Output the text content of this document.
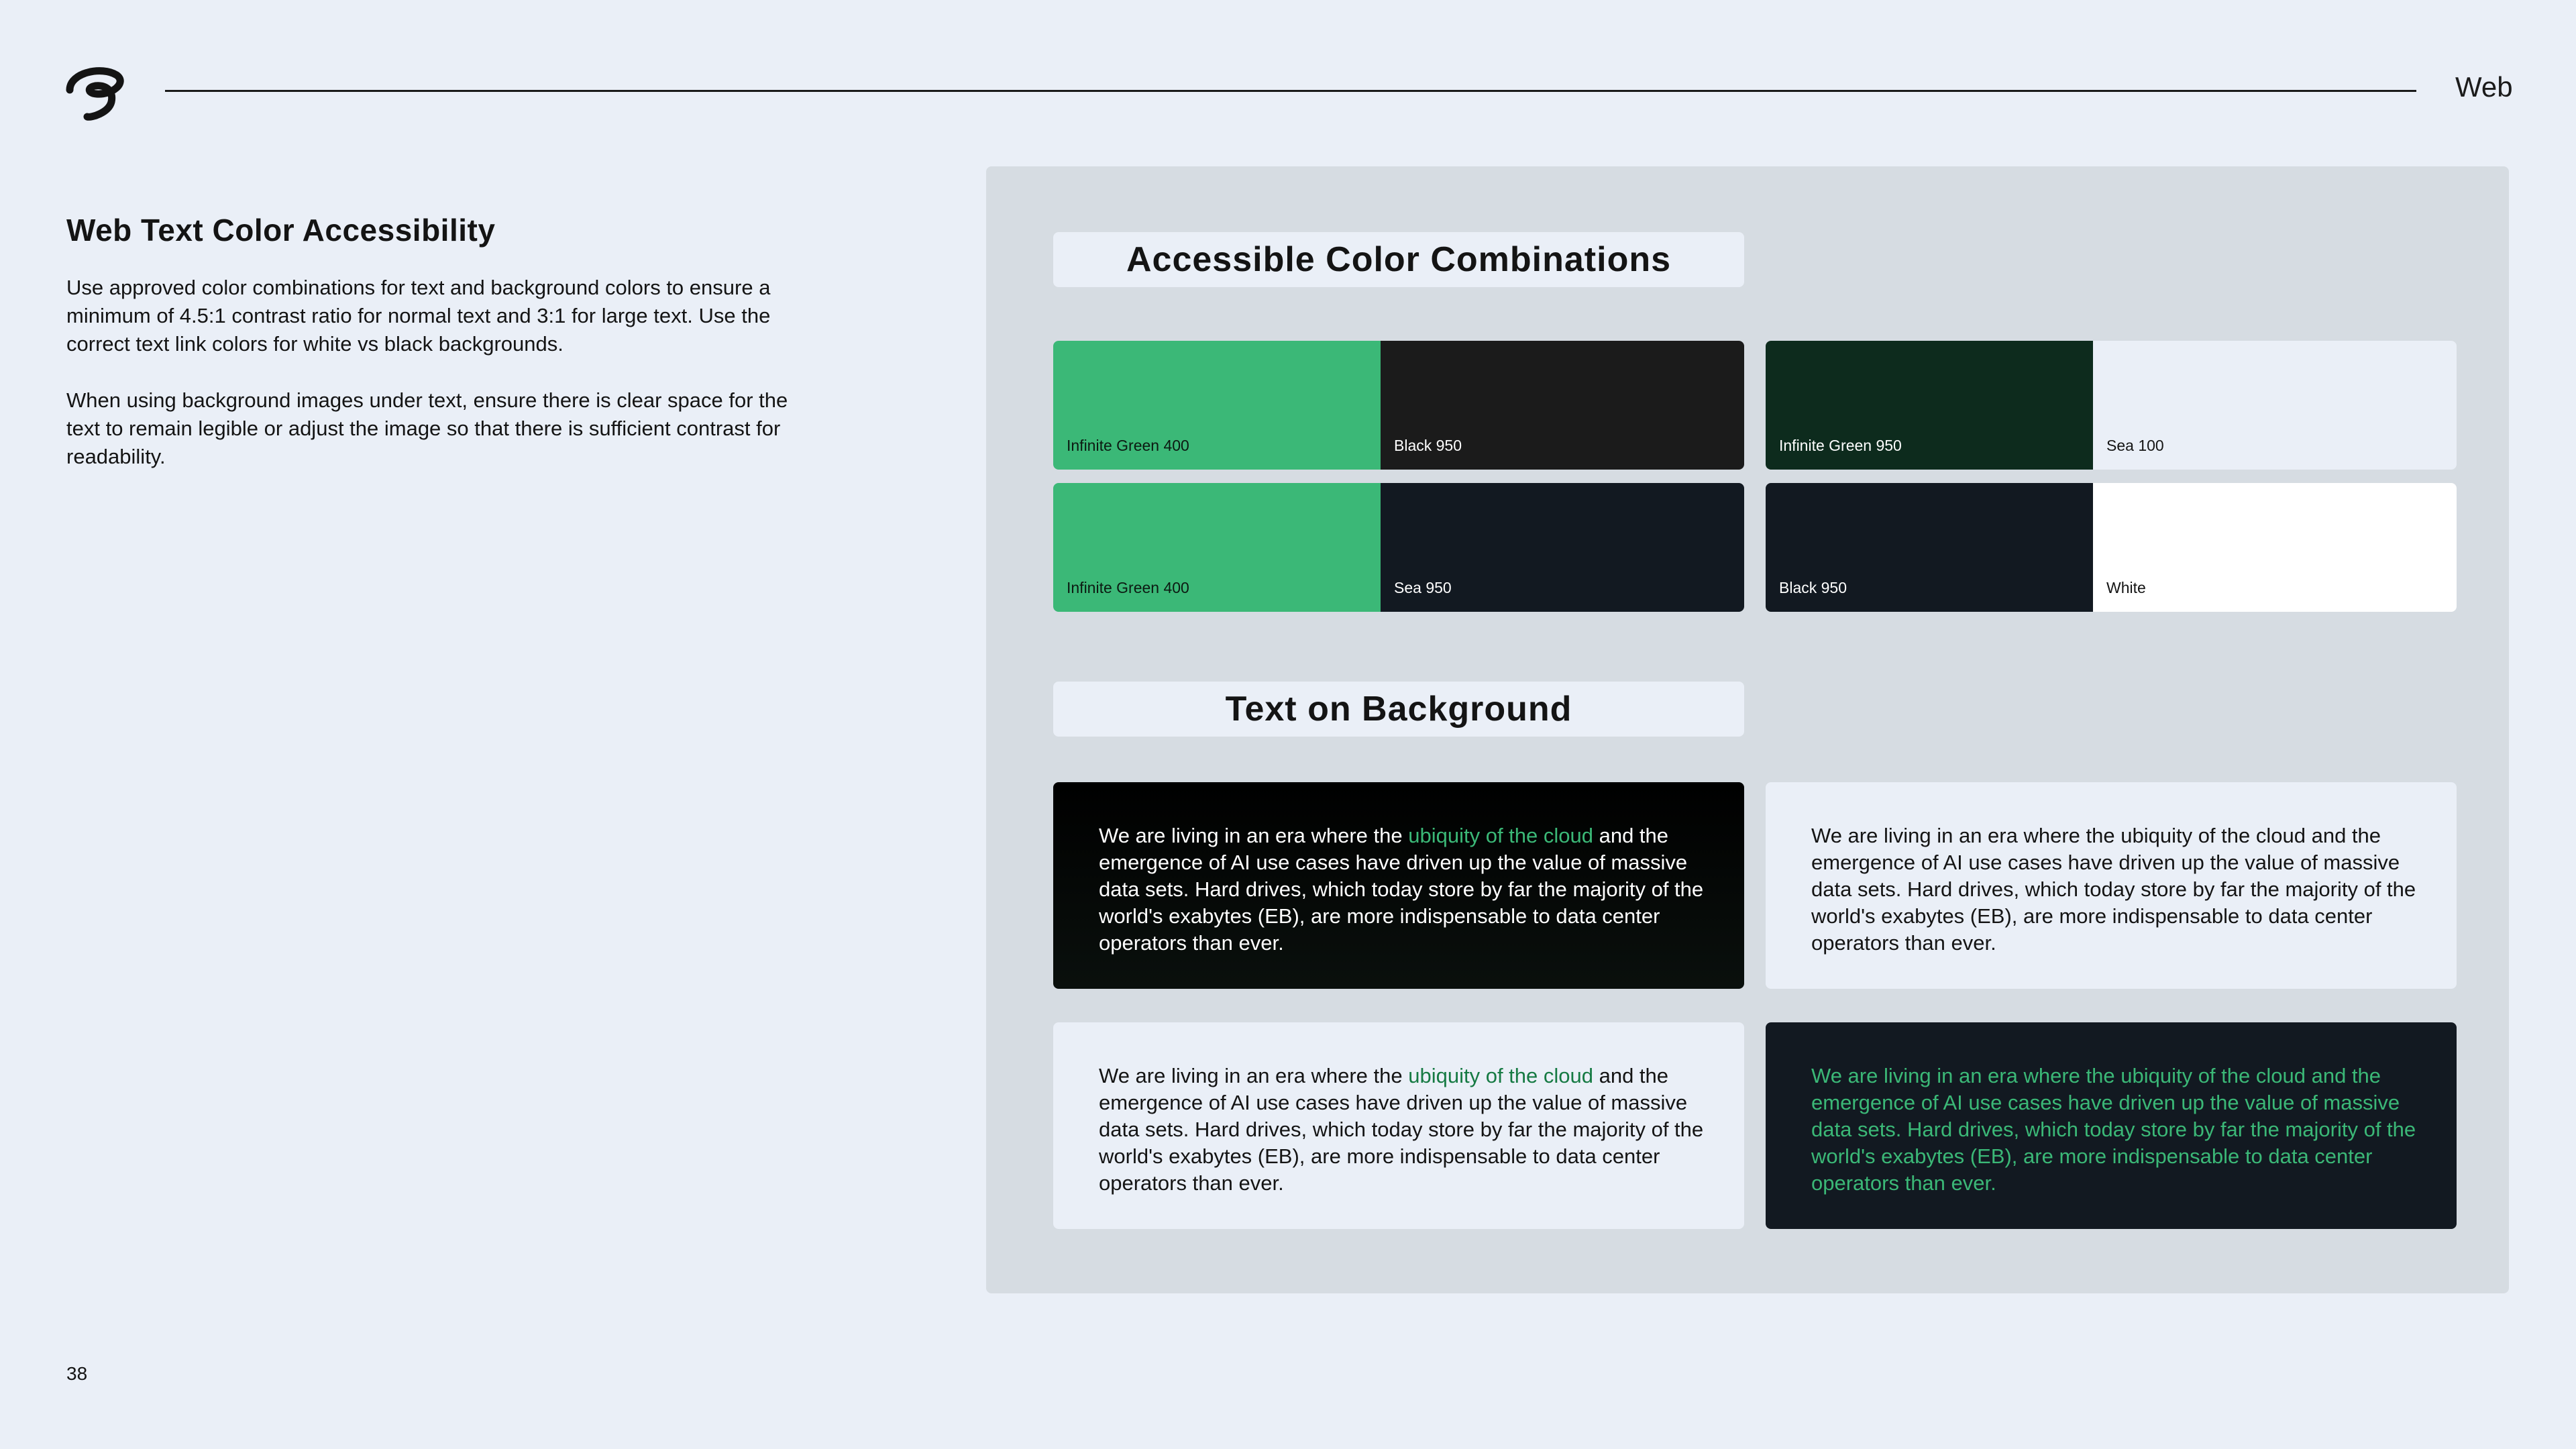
Web
Web Text Color Accessibility

Use approved color combinations for text and background colors to ensure a minimum of 4.5:1 contrast ratio for normal text and 3:1 for large text. Use the correct text link colors for white vs black backgrounds.

When using background images under text, ensure there is clear space for the text to remain legible or adjust the image so that there is sufficient contrast for readability.

Accessible Color Combinations
Infinite Green 400	Black 950	Infinite Green 950	Sea 100
Infinite Green 400	Sea 950	Black 950	White
Text on Background

We are living in an era where the ubiquity of the cloud and the emergence of AI use cases have driven up the value of massive data sets. Hard drives, which today store by far the majority of the world's exabytes (EB), are more indispensable to data center operators than ever.

We are living in an era where the ubiquity of the cloud and the emergence of AI use cases have driven up the value of massive data sets. Hard drives, which today store by far the majority of the world's exabytes (EB), are more indispensable to data center operators than ever.

We are living in an era where the ubiquity of the cloud and the emergence of AI use cases have driven up the value of massive data sets. Hard drives, which today store by far the majority of the world's exabytes (EB), are more indispensable to data center operators than ever.

We are living in an era where the ubiquity of the cloud and the emergence of AI use cases have driven up the value of massive data sets. Hard drives, which today store by far the majority of the world's exabytes (EB), are more indispensable to data center operators than ever.

38
